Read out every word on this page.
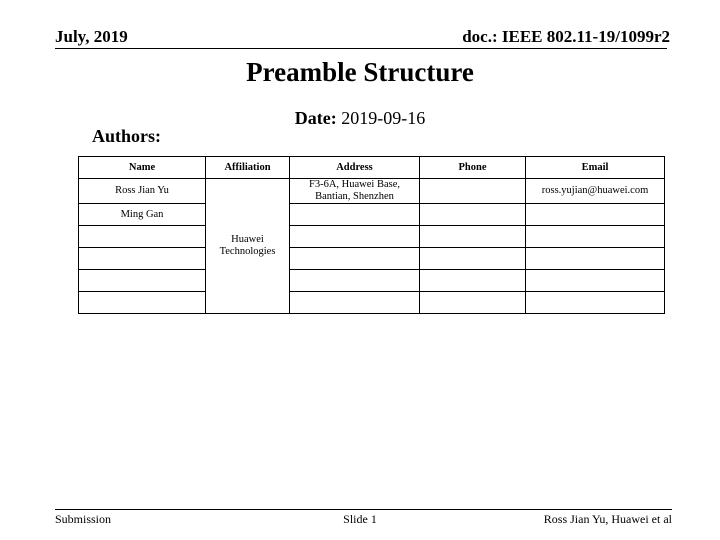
July, 2019	doc.: IEEE 802.11-19/1099r2
Preamble Structure
Date: 2019-09-16
Authors:
Name	Affiliation	Address	Phone	Email
Ross Jian Yu	Huawei Technologies	F3-6A, Huawei Base, Bantian, Shenzhen		ross.yujian@huawei.com
Ming Gan				

Submission	Slide 1	Ross Jian Yu, Huawei et al
